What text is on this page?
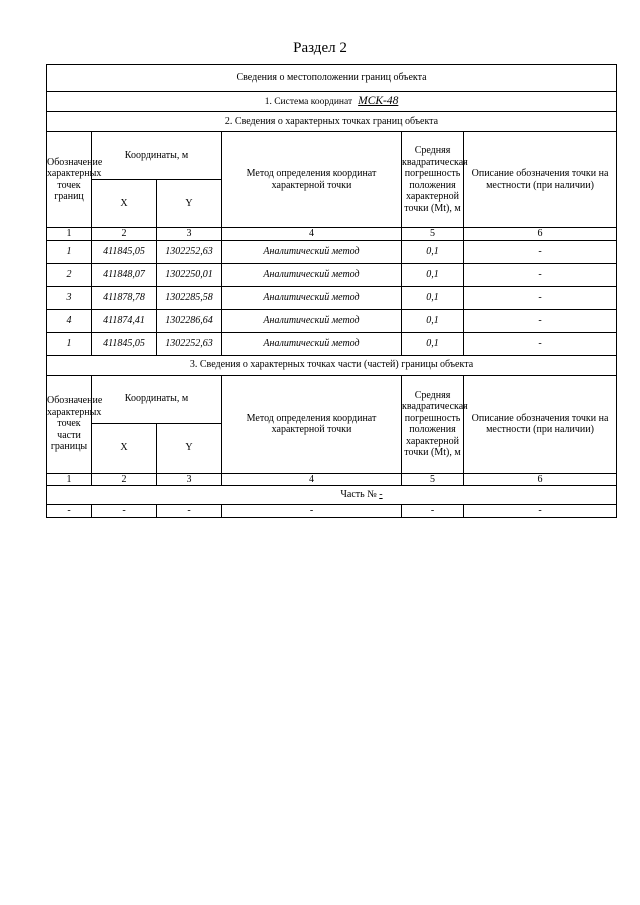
Раздел 2
Сведения о местоположении границ объекта					
1. Система координат МСК-48					
2. Сведения о характерных точках границ объекта					
Обозначение характерных точек границ	Координаты, м		Метод определения координат характерной точки	Средняя квадратическая погрешность положения характерной точки (Mt), м	Описание обозначения точки на местности (при наличии)
	X	Y			
1	2	3	4	5	6
1	411845,05	1302252,63	Аналитический метод	0,1	-
2	411848,07	1302250,01	Аналитический метод	0,1	-
3	411878,78	1302285,58	Аналитический метод	0,1	-
4	411874,41	1302286,64	Аналитический метод	0,1	-
1	411845,05	1302252,63	Аналитический метод	0,1	-
3. Сведения о характерных точках части (частей) границы объекта					
Обозначение характерных точек части границы	Координаты, м		Метод определения координат характерной точки	Средняя квадратическая погрешность положения характерной точки (Mt), м	Описание обозначения точки на местности (при наличии)
	X	Y			
1	2	3	4	5	6
Часть № -					
-	-	-	-	-	-
